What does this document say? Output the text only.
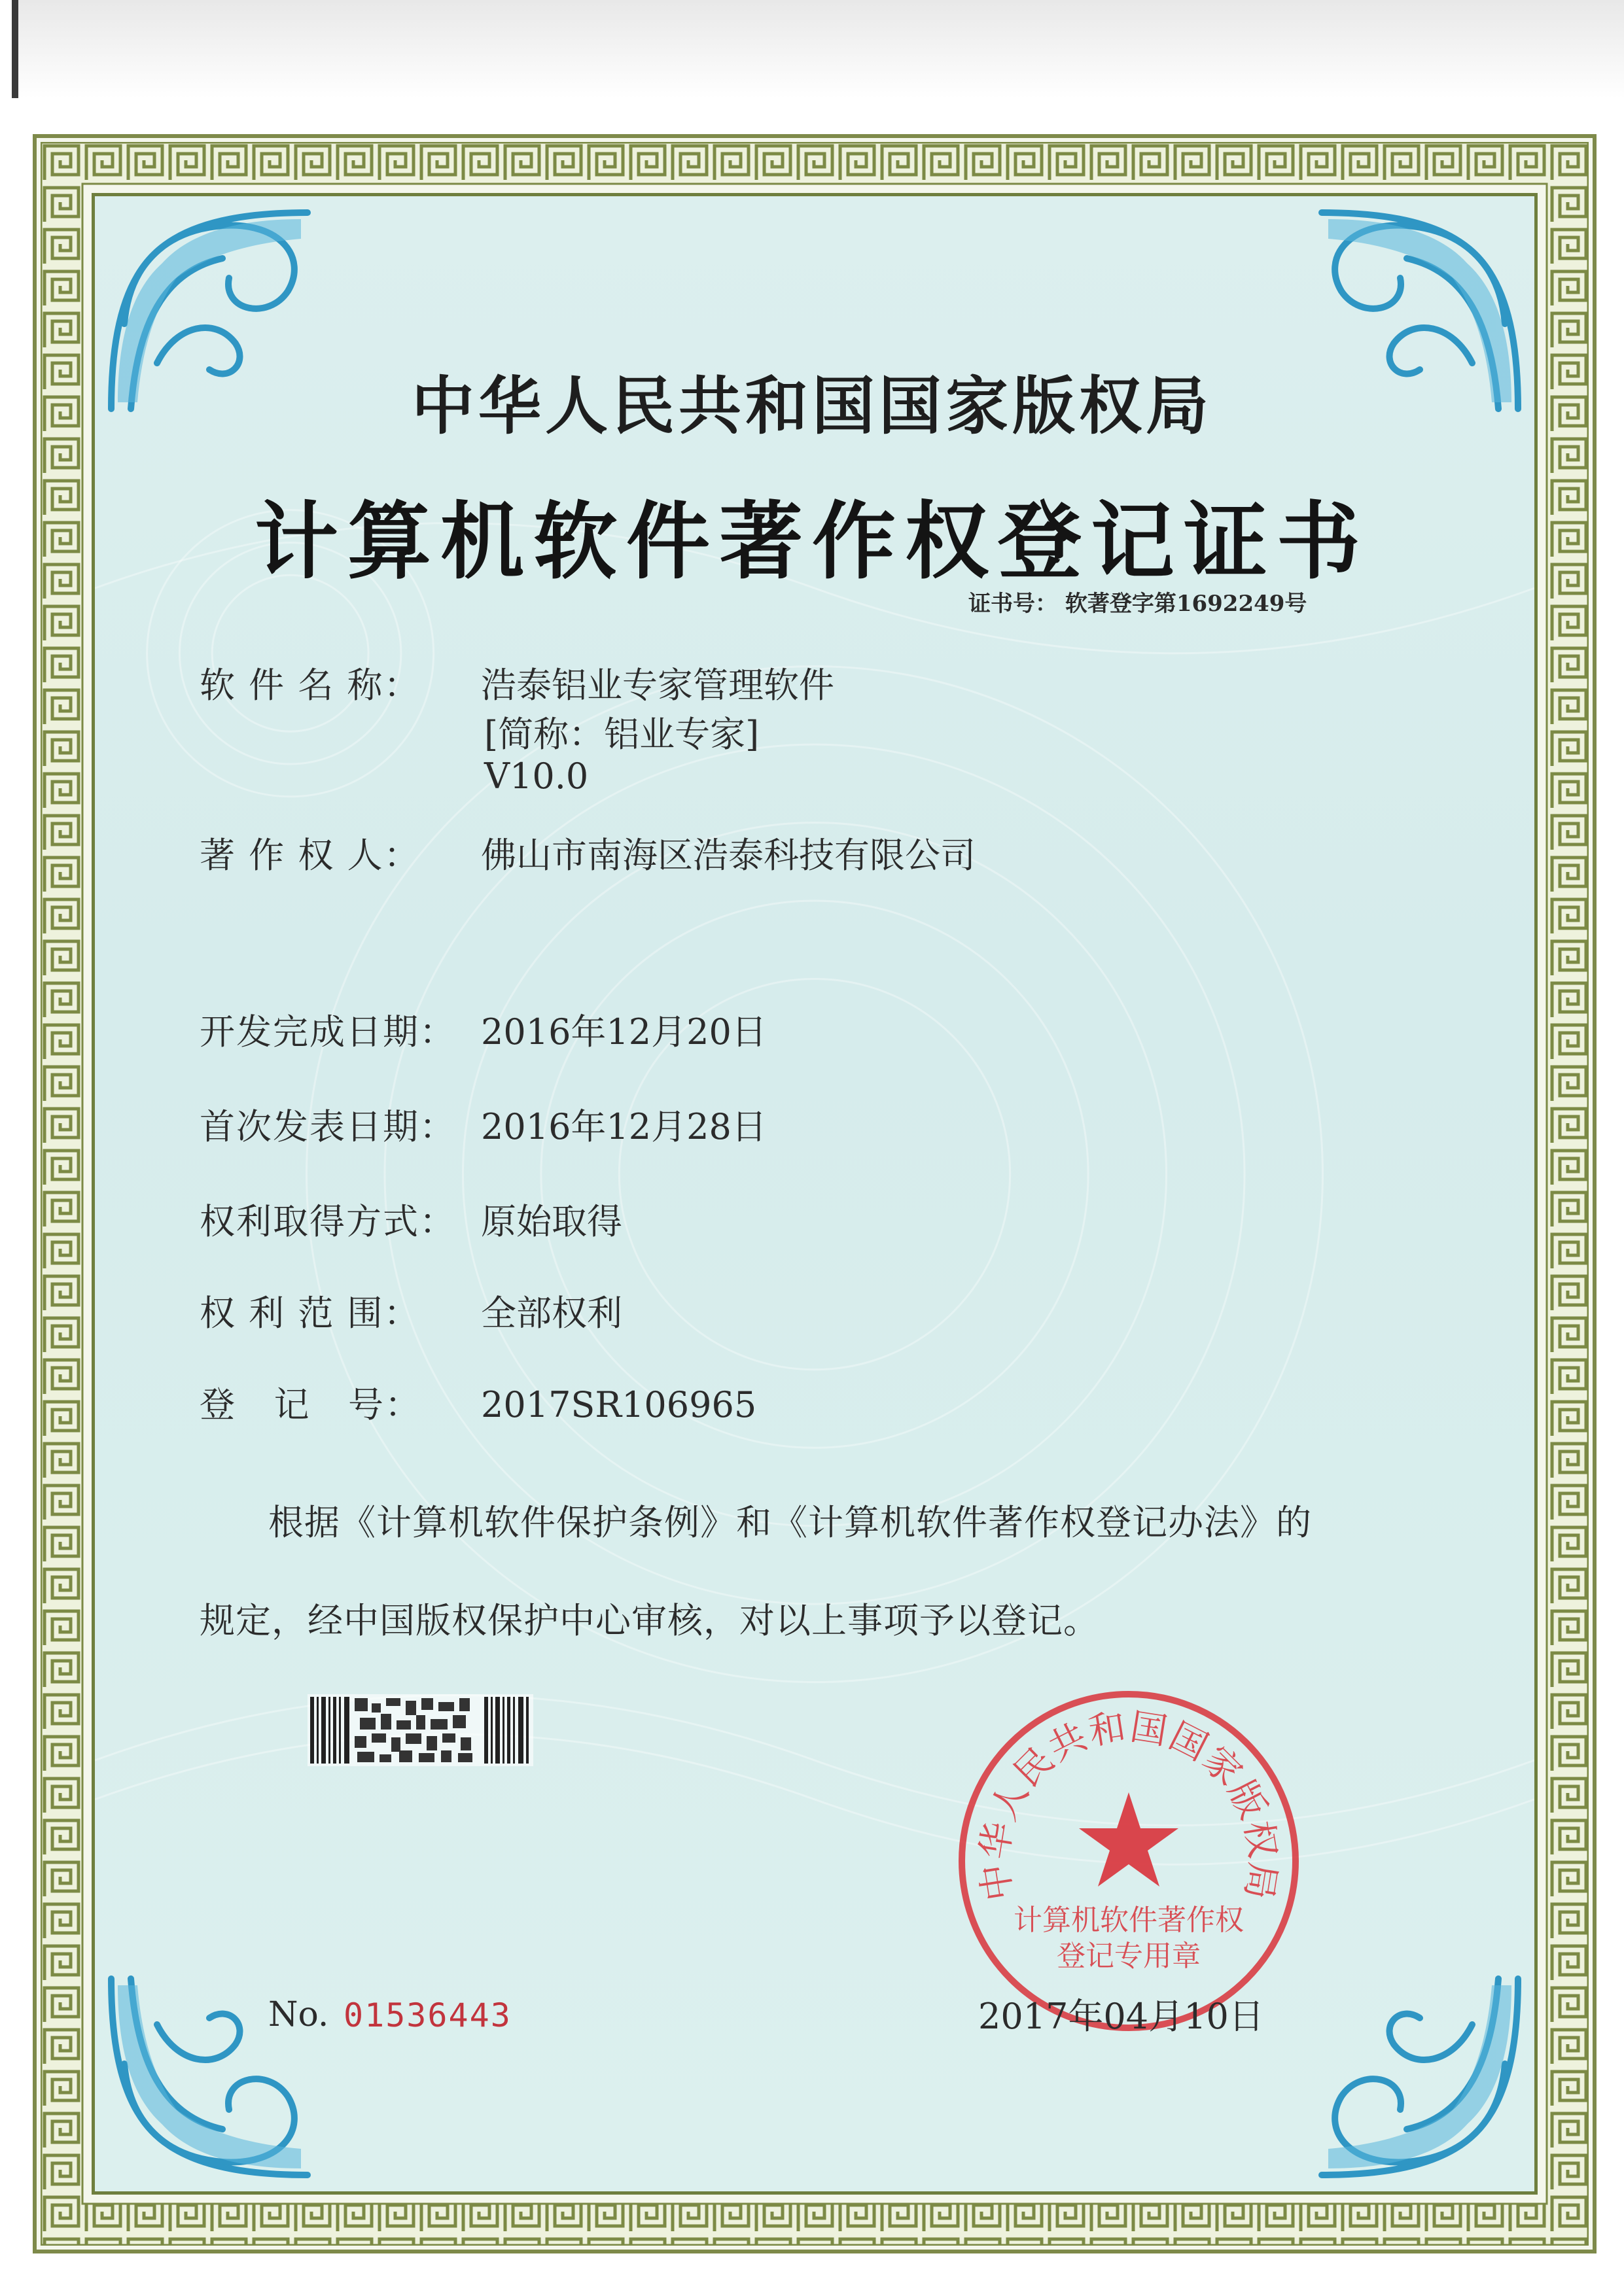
中华人民共和国国家版权局
计算机软件著作权登记证书
证书号： 软著登字第1692249号
软 件 名 称： 浩泰铝业专家管理软件
[简称：铝业专家]
V10.0
著 作 权 人： 佛山市南海区浩泰科技有限公司
开发完成日期： 2016年12月20日
首次发表日期： 2016年12月28日
权利取得方式： 原始取得
权 利 范 围： 全部权利
登   记   号： 2017SR106965
根据《计算机软件保护条例》和《计算机软件著作权登记办法》的
规定，经中国版权保护中心审核，对以上事项予以登记。
No. 01536443
中华人民共和国国家版权局
计算机软件著作权
登记专用章
2017年04月10日
